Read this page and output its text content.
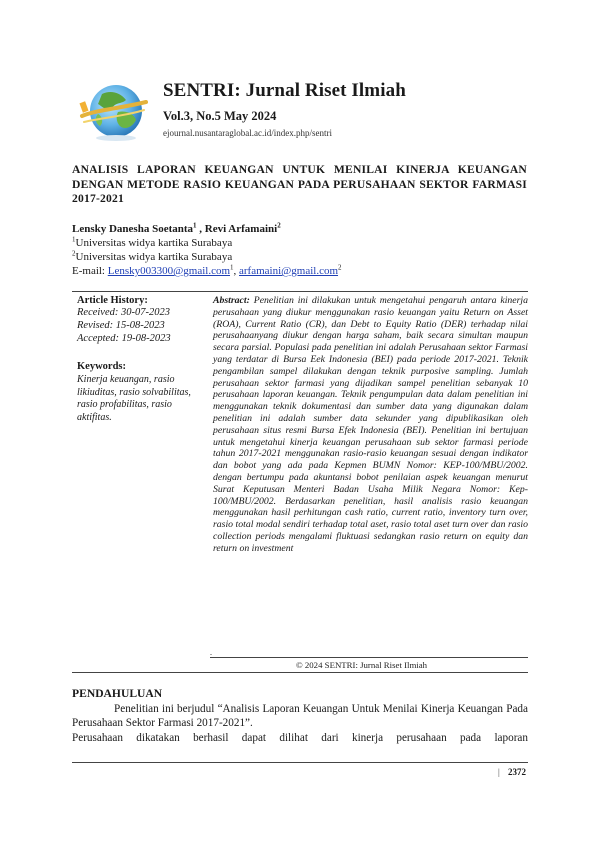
SENTRI: Jurnal Riset Ilmiah
Vol.3, No.5 May 2024
ejournal.nusantaraglobal.ac.id/index.php/sentri
ANALISIS LAPORAN KEUANGAN UNTUK MENILAI KINERJA KEUANGAN DENGAN METODE RASIO KEUANGAN PADA PERUSAHAAN SEKTOR FARMASI 2017-2021
Lensky Danesha Soetanta$^1$ , Revi Arfamaini$^2$
$^1$Universitas widya kartika Surabaya
$^2$Universitas widya kartika Surabaya
E-mail: Lensky003300@gmail.com$^1$, arfamaini@gmail.com$^2$
Article History:
Received: 30-07-2023
Revised: 15-08-2023
Accepted: 19-08-2023
Keywords:
Kinerja keuangan, rasio likiuditas, rasio solvabilitas, rasio profabilitas, rasio aktifitas.
Abstract: Penelitian ini dilakukan untuk mengetahui pengaruh antara kinerja perusahaan yang diukur menggunakan rasio keuangan yaitu Return on Asset (ROA), Current Ratio (CR), dan Debt to Equity Ratio (DER) terhadap nilai perusahaanyang diukur dengan harga saham, baik secara simultan maupun secara parsial. Populasi pada penelitian ini adalah Perusahaan sektor Farmasi yang terdatar di Bursa Eek Indonesia (BEI) pada periode 2017-2021. Teknik pengambilan sampel dilakukan dengan teknik purposive sampling. Jumlah perusahaan sektor farmasi yang dijadikan sampel penelitian sebanyak 10 perusahaan laporan keuangan. Teknik pengumpulan data dalam penelitian ini menggunakan teknik dokumentasi dan sumber data yang digunakan dalam penelitian ini adalah sumber data sekunder yang dipublikasikan oleh perusahaan situs resmi Bursa Efek Indonesia (BEI). Penelitian ini bertujuan untuk mengetahui kinerja keuangan perusahaan sub sektor farmasi periode tahun 2017-2021 menggunakan rasio-rasio keuangan sesuai dengan indikator dan bobot yang ada pada Kepmen BUMN Nomor: KEP-100/MBU/2002. dengan bertumpu pada akuntansi bobot penilaian aspek keuangan menurut Surat Keputusan Menteri Badan Usaha Milik Negara Nomor: Kep-100/MBU/2002. Berdasarkan penelitian, hasil analisis rasio keuangan menggunakan hasil perhitungan cash ratio, current ratio, inventory turn over, rasio total modal sendiri terhadap total aset, rasio total aset turn over dan rasio collection periods mengalami fluktuasi sedangkan rasio return on equity dan return on investment
.
© 2024 SENTRI: Jurnal Riset Ilmiah
PENDAHULUAN
Penelitian ini berjudul “Analisis Laporan Keuangan Untuk Menilai Kinerja Keuangan Pada Perusahaan Sektor Farmasi 2017-2021”.
Perusahaan dikatakan berhasil dapat dilihat dari kinerja perusahaan pada laporan
| 2372
